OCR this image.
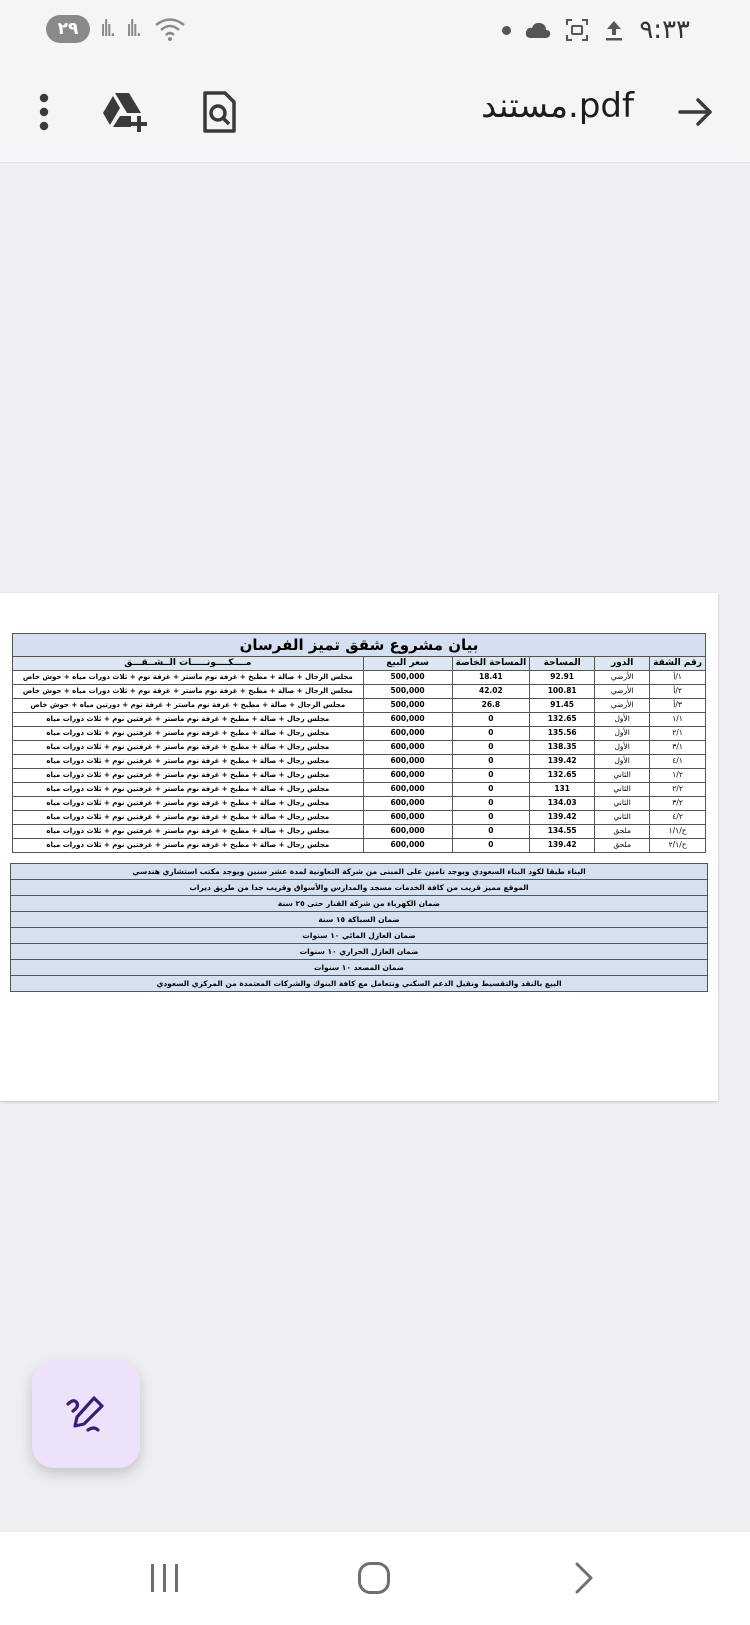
٢٩ ılı. ılı.	٩:٣٣
مستند.pdf
بيان مشروع شقق تميز الفرسان					
رقم الشقة	الدور	المساحة	المساحة الخاصة	سعر البيع	مــــكــــونـــــات الــشــقـــق
١/أ	الأرضي	92.91	18.41	500,000	مجلس الرجال + صالة + مطبخ + غرفة نوم ماستر + غرفة نوم + ثلاث دورات مياه + حوش خاص
٢/أ	الأرضي	100.81	42.02	500,000	مجلس الرجال + صالة + مطبخ + غرفة نوم ماستر + غرفة نوم + ثلاث دورات مياه + حوش خاص
٣/أ	الأرضي	91.45	26.8	500,000	مجلس الرجال + صالة + مطبخ + غرفة نوم ماستر + غرفة نوم + دورتين مياه + حوش خاص
١/١	الأول	132.65	0	600,000	مجلس رجال + صالة + مطبخ + غرفة نوم ماستر + غرفتين نوم + ثلاث دورات مياه
٢/١	الأول	135.56	0	600,000	مجلس رجال + صالة + مطبخ + غرفة نوم ماستر + غرفتين نوم + ثلاث دورات مياه
٣/١	الأول	138.35	0	600,000	مجلس رجال + صالة + مطبخ + غرفة نوم ماستر + غرفتين نوم + ثلاث دورات مياه
٤/١	الأول	139.42	0	600,000	مجلس رجال + صالة + مطبخ + غرفة نوم ماستر + غرفتين نوم + ثلاث دورات مياه
١/٢	الثاني	132.65	0	600,000	مجلس رجال + صالة + مطبخ + غرفة نوم ماستر + غرفتين نوم + ثلاث دورات مياه
٢/٢	الثاني	131	0	600,000	مجلس رجال + صالة + مطبخ + غرفة نوم ماستر + غرفتين نوم + ثلاث دورات مياه
٣/٢	الثاني	134.03	0	600,000	مجلس رجال + صالة + مطبخ + غرفة نوم ماستر + غرفتين نوم + ثلاث دورات مياه
٤/٢	الثاني	139.42	0	600,000	مجلس رجال + صالة + مطبخ + غرفة نوم ماستر + غرفتين نوم + ثلاث دورات مياه
ح/١/١	ملحق	134.55	0	600,000	مجلس رجال + صالة + مطبخ + غرفة نوم ماستر + غرفتين نوم + ثلاث دورات مياه
ح/٢/١	ملحق	139.42	0	600,000	مجلس رجال + صالة + مطبخ + غرفة نوم ماستر + غرفتين نوم + ثلاث دورات مياه
البناء طبقا لكود البناء السعودي ويوجد تامين على المبنى من شركة التعاونية لمدة عشر سنين ويوجد مكتب استشاري هندسي
الموقع مميز قريب من كافة الخدمات مسجد والمدارس والأسواق وقريب جدا من طريق ديراب
ضمان الكهرباء من شركة القنار حتى ٢٥ سنة
ضمان السباكة ١٥ سنة
ضمان العازل المائي ١٠ سنوات
ضمان العازل الحراري ١٠ سنوات
ضمان المصعد ١٠ سنوات
البيع بالنقد والتقسيط ونقبل الدعم السكني ونتعامل مع كافة البنوك والشركات المعتمدة من المركزي السعودي
